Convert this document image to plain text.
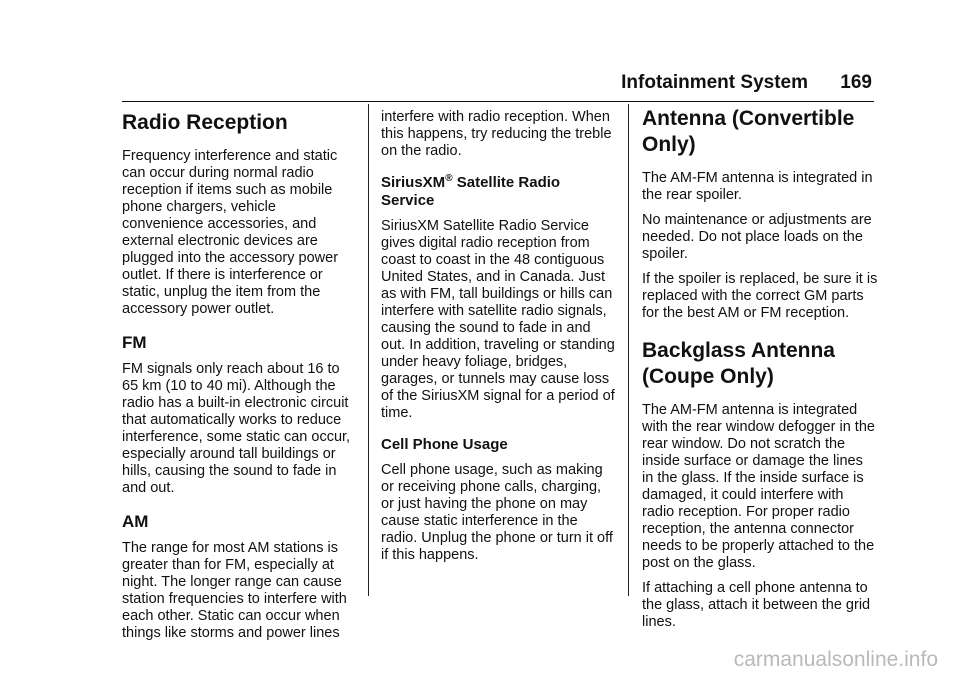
Infotainment System 169
Radio Reception

Frequency interference and static can occur during normal radio reception if items such as mobile phone chargers, vehicle convenience accessories, and external electronic devices are plugged into the accessory power outlet. If there is interference or static, unplug the item from the accessory power outlet.

FM

FM signals only reach about 16 to 65 km (10 to 40 mi). Although the radio has a built-in electronic circuit that automatically works to reduce interference, some static can occur, especially around tall buildings or hills, causing the sound to fade in and out.

AM

The range for most AM stations is greater than for FM, especially at night. The longer range can cause station frequencies to interfere with each other. Static can occur when things like storms and power lines

interfere with radio reception. When this happens, try reducing the treble on the radio.

SiriusXM® Satellite Radio Service

SiriusXM Satellite Radio Service gives digital radio reception from coast to coast in the 48 contiguous United States, and in Canada. Just as with FM, tall buildings or hills can interfere with satellite radio signals, causing the sound to fade in and out. In addition, traveling or standing under heavy foliage, bridges, garages, or tunnels may cause loss of the SiriusXM signal for a period of time.

Cell Phone Usage

Cell phone usage, such as making or receiving phone calls, charging, or just having the phone on may cause static interference in the radio. Unplug the phone or turn it off if this happens.

Antenna (Convertible Only)

The AM-FM antenna is integrated in the rear spoiler.

No maintenance or adjustments are needed. Do not place loads on the spoiler.

If the spoiler is replaced, be sure it is replaced with the correct GM parts for the best AM or FM reception.

Backglass Antenna (Coupe Only)

The AM-FM antenna is integrated with the rear window defogger in the rear window. Do not scratch the inside surface or damage the lines in the glass. If the inside surface is damaged, it could interfere with radio reception. For proper radio reception, the antenna connector needs to be properly attached to the post on the glass.

If attaching a cell phone antenna to the glass, attach it between the grid lines.

carmanualsonline.info
